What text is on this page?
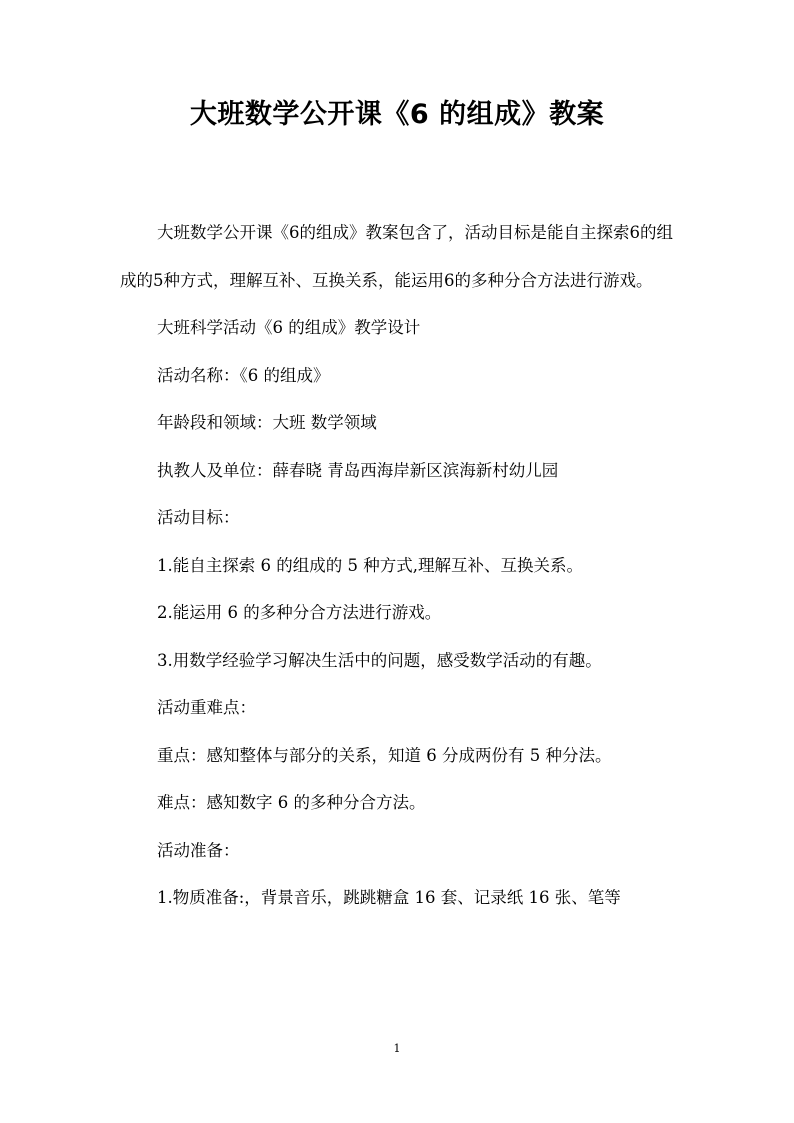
大班数学公开课《6 的组成》教案

大班数学公开课《6的组成》教案包含了，活动目标是能自主探索6的组成的5种方式，理解互补、互换关系，能运用6的多种分合方法进行游戏。

大班科学活动《6 的组成》教学设计

活动名称：《6 的组成》

年龄段和领域：大班 数学领域

执教人及单位：薛春晓 青岛西海岸新区滨海新村幼儿园

活动目标：

1.能自主探索 6 的组成的 5 种方式,理解互补、互换关系。

2.能运用 6 的多种分合方法进行游戏。

3.用数学经验学习解决生活中的问题，感受数学活动的有趣。

活动重难点：

重点：感知整体与部分的关系，知道 6 分成两份有 5 种分法。

难点：感知数字 6 的多种分合方法。

活动准备：

1.物质准备:，背景音乐，跳跳糖盒 16 套、记录纸 16 张、笔等

1
